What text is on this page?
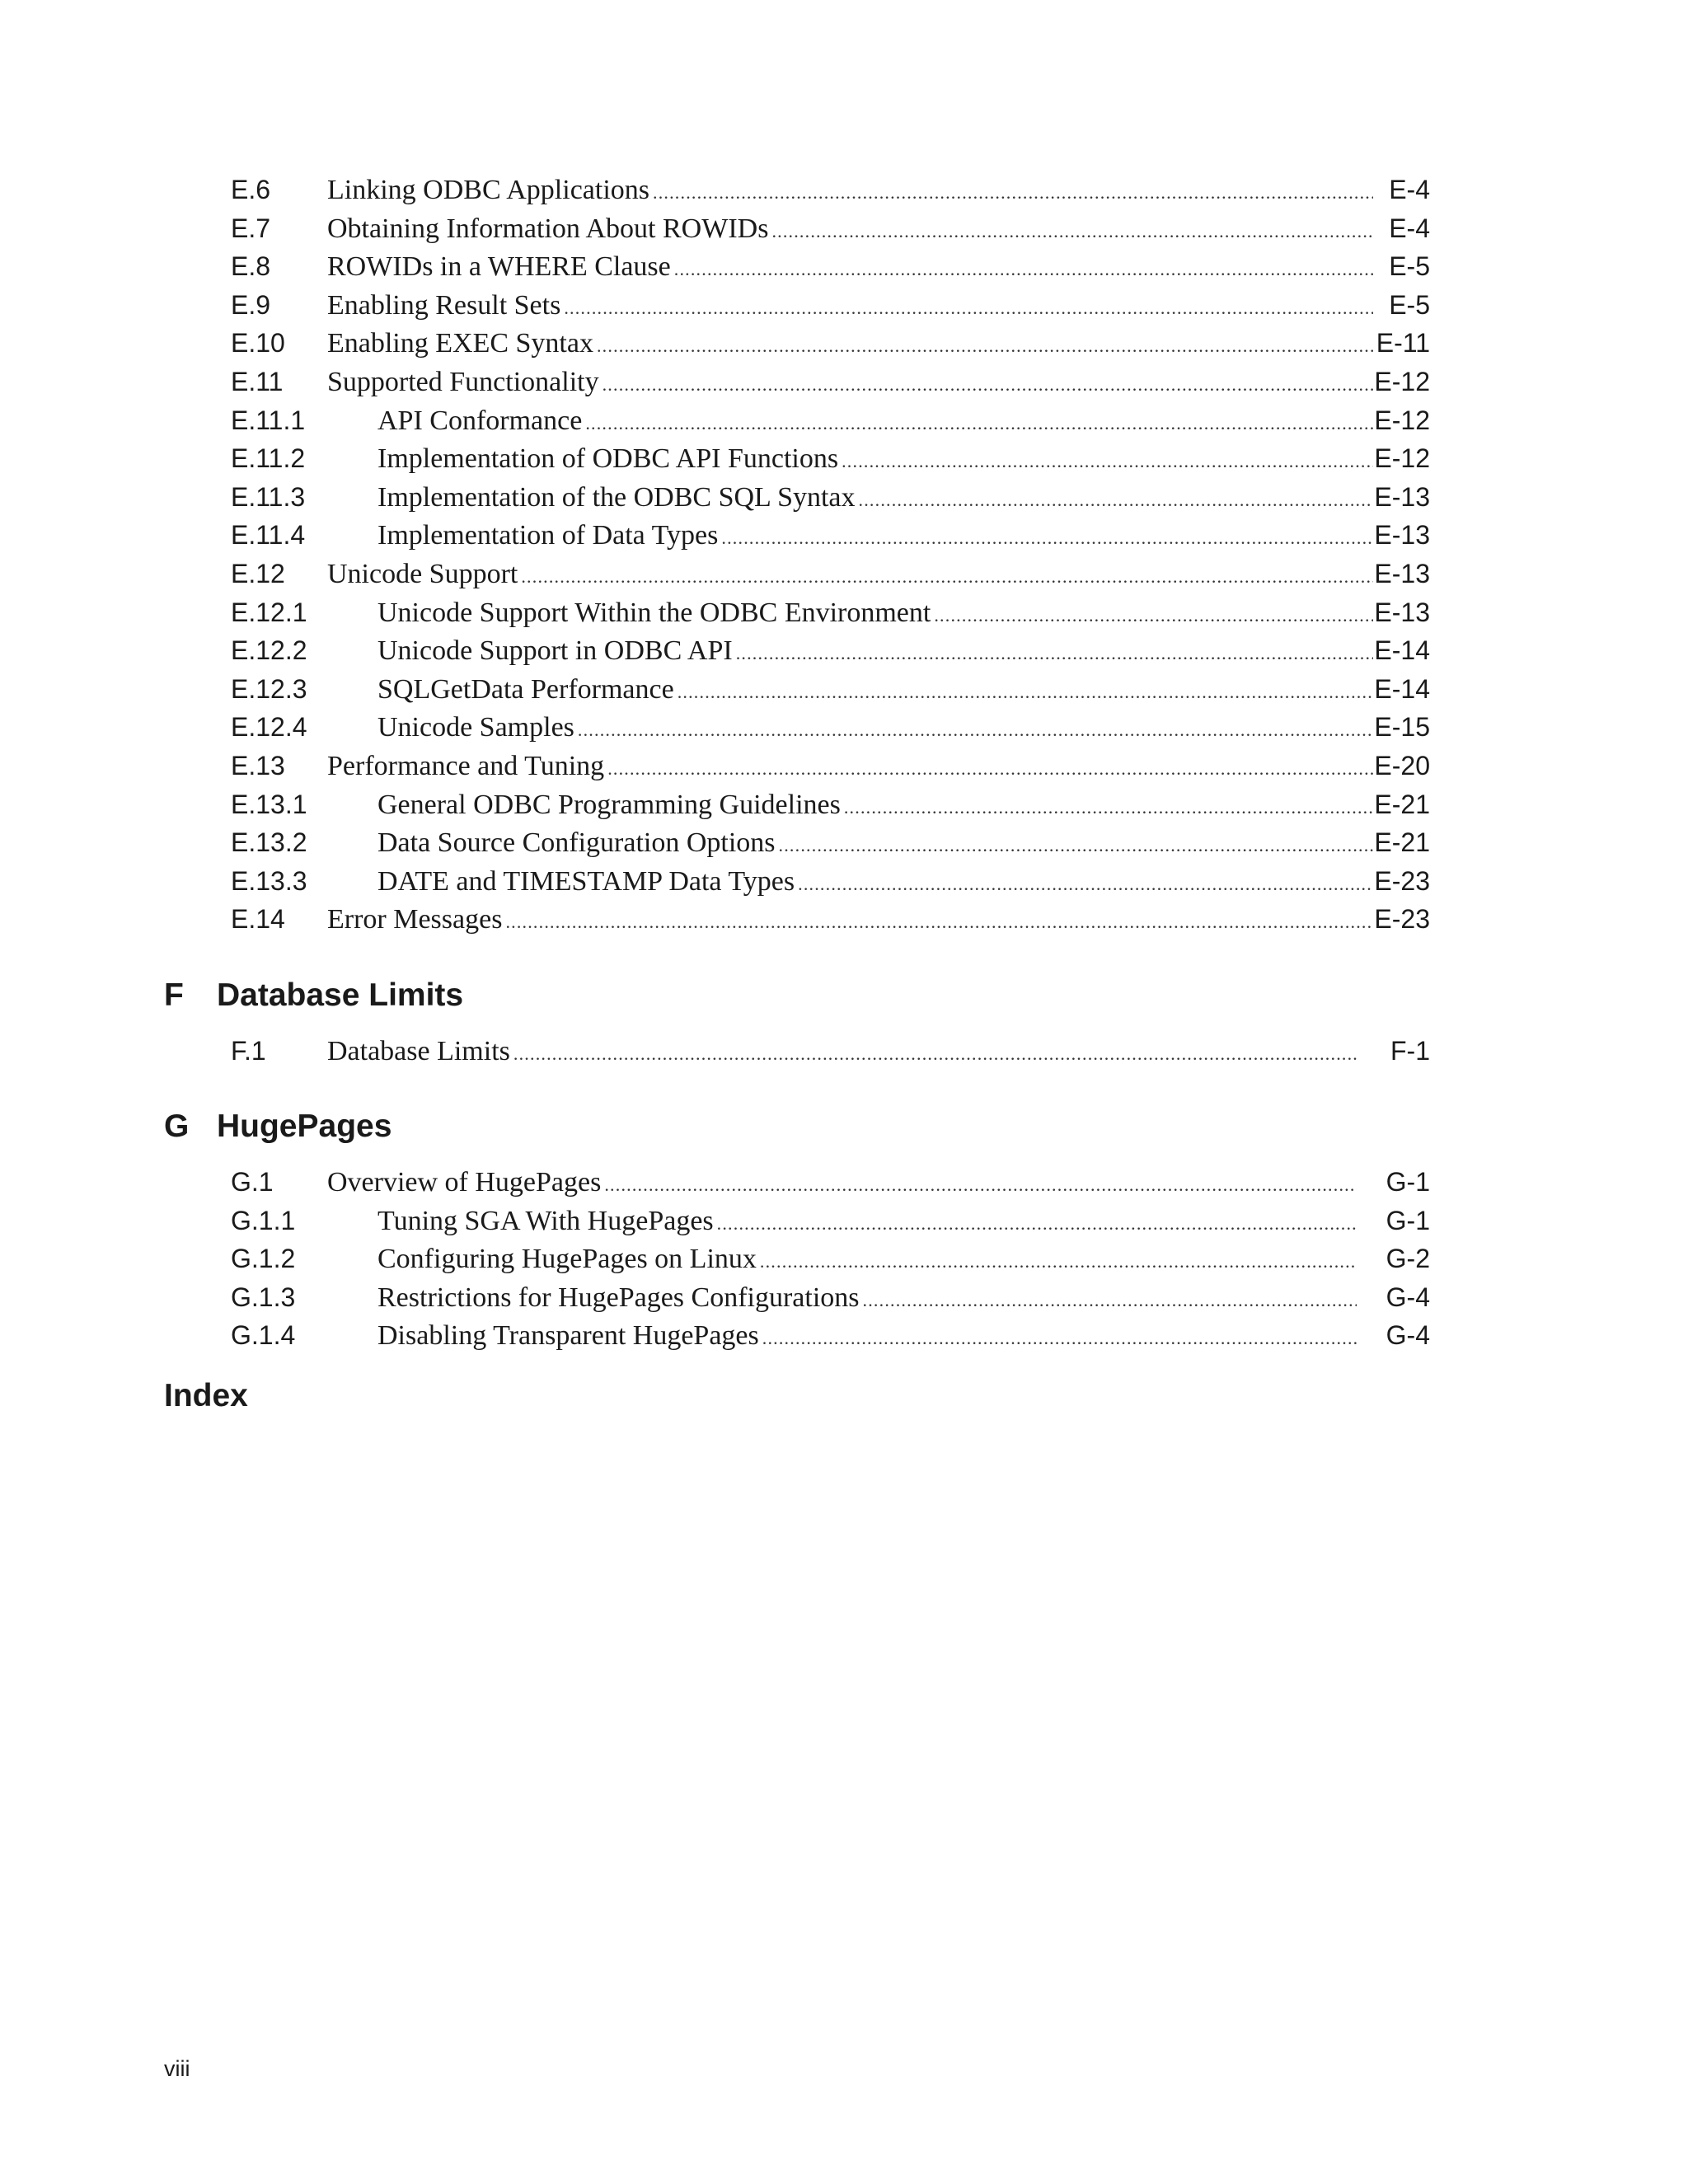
E.6 Linking ODBC Applications .....	E-4
E.7 Obtaining Information About ROWIDs .....	E-4
E.8 ROWIDs in a WHERE Clause .....	E-5
E.9 Enabling Result Sets .....	E-5
E.10 Enabling EXEC Syntax .....	E-11
E.11 Supported Functionality .....	E-12
E.11.1	API Conformance .....	E-12
E.11.2	Implementation of ODBC API Functions .....	E-12
E.11.3	Implementation of the ODBC SQL Syntax .....	E-13
E.11.4	Implementation of Data Types .....	E-13
E.12 Unicode Support .....	E-13
E.12.1	Unicode Support Within the ODBC Environment .....	E-13
E.12.2	Unicode Support in ODBC API .....	E-14
E.12.3	SQLGetData Performance .....	E-14
E.12.4	Unicode Samples .....	E-15
E.13 Performance and Tuning .....	E-20
E.13.1	General ODBC Programming Guidelines .....	E-21
E.13.2	Data Source Configuration Options .....	E-21
E.13.3	DATE and TIMESTAMP Data Types .....	E-23
E.14 Error Messages .....	E-23
F Database Limits
F.1 Database Limits .....	F-1
G HugePages
G.1 Overview of HugePages .....	G-1
G.1.1	Tuning SGA With HugePages .....	G-1
G.1.2	Configuring HugePages on Linux .....	G-2
G.1.3	Restrictions for HugePages Configurations .....	G-4
G.1.4	Disabling Transparent HugePages .....	G-4
Index
viii
